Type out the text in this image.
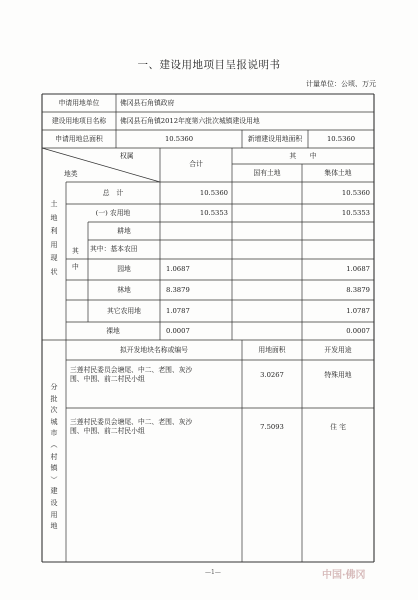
一、建设用地项目呈报说明书
计量单位：公顷、万元
申请用地单位	佛冈县石角镇政府
建设用地项目名称	佛冈县石角镇2012年度第六批次城镇建设用地
申请用地总面积	10.5360	新增建设用地面积	10.5360
权属
地类
合计
其　　中
国有土地	集体土地
土
地
利
用
现
状
总　计	10.5360	10.5360
(一) 农用地	10.5353	10.5353
其
中
耕地
其中：基本农田
园地	1.0687	1.0687
林地	8.3879	8.3879
其它农用地	1.0787	1.0787
裸地	0.0007	0.0007
分
批
次
城
市
︵
村
镇
︶
建
设
用
地
拟开发地块名称或编号	用地面积	开发用途
三莲村民委员会塘尾、中二、老围、灰沙
围、中围、前二村民小组	3.0267	特殊用地
三莲村民委员会塘尾、中二、老围、灰沙
围、中围、前二村民小组	7.5093	住 宅
—1—	中国·佛冈
